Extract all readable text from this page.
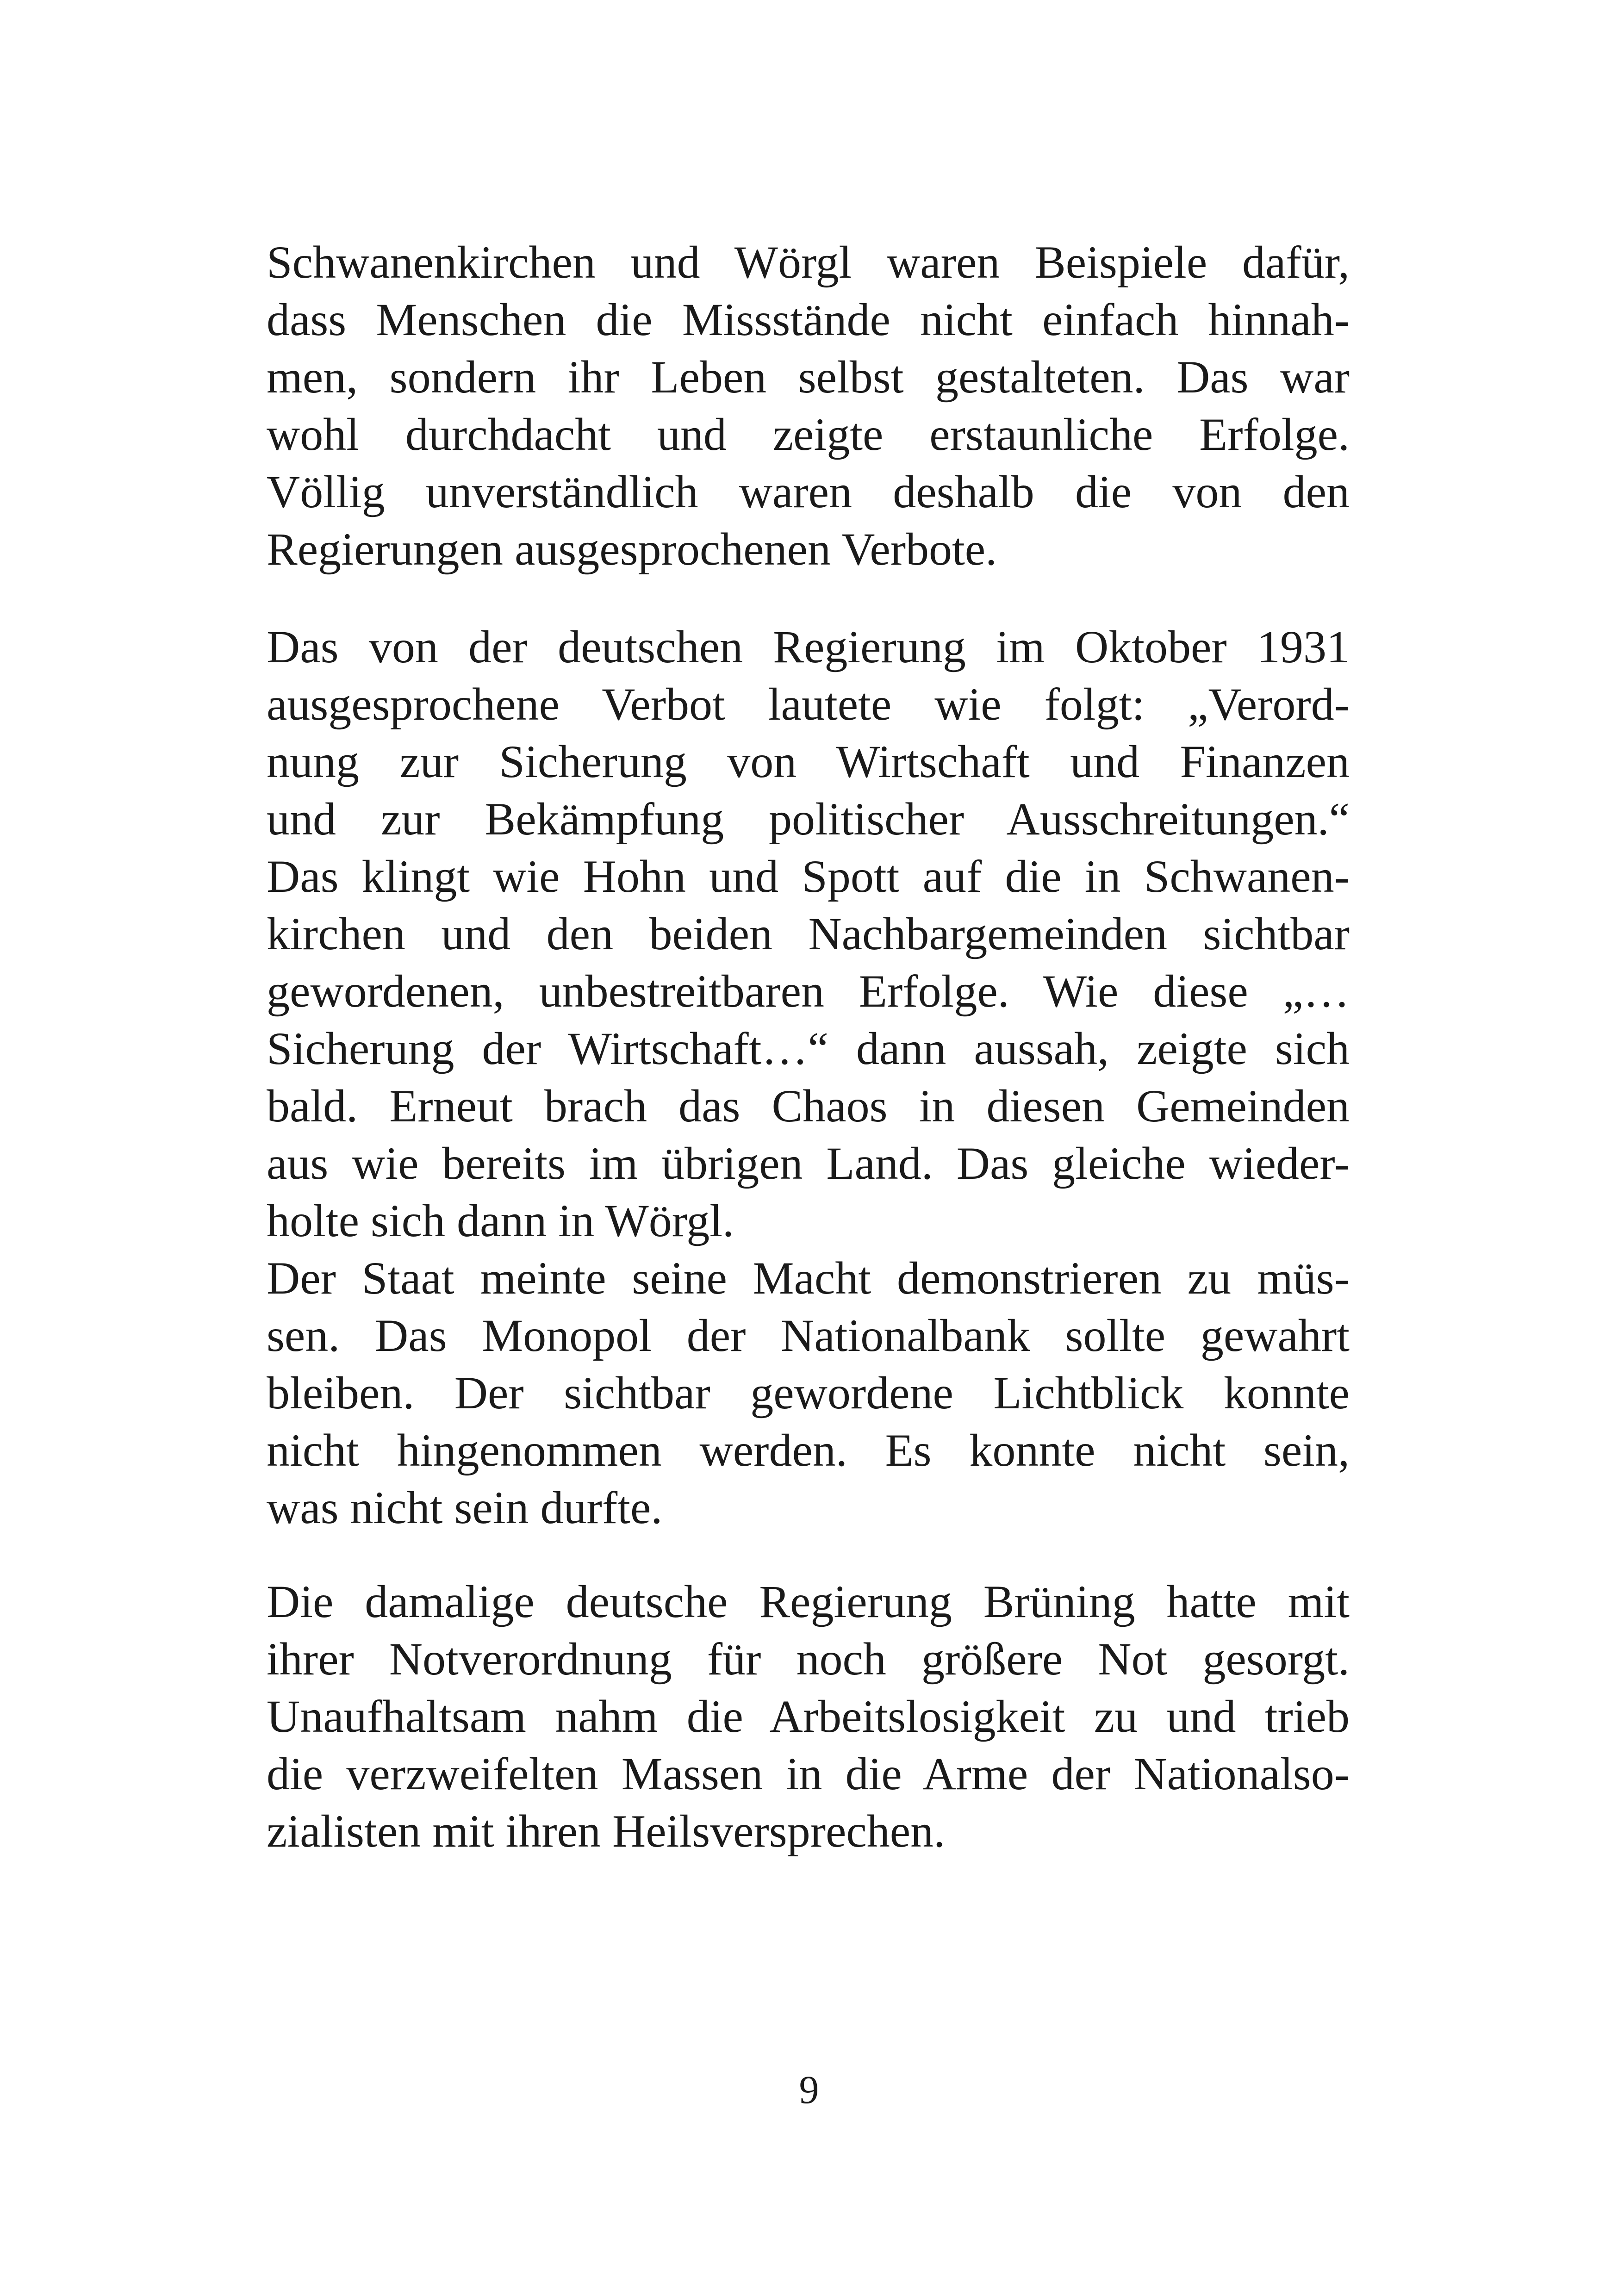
Schwanenkirchen und Wörgl waren Beispiele dafür,
dass Menschen die Missstände nicht einfach hinnah-
men, sondern ihr Leben selbst gestalteten. Das war
wohl durchdacht und zeigte erstaunliche Erfolge.
Völlig unverständlich waren deshalb die von den
Regierungen ausgesprochenen Verbote.
Das von der deutschen Regierung im Oktober 1931
ausgesprochene Verbot lautete wie folgt: „Verord-
nung zur Sicherung von Wirtschaft und Finanzen
und zur Bekämpfung politischer Ausschreitungen.“
Das klingt wie Hohn und Spott auf die in Schwanen-
kirchen und den beiden Nachbargemeinden sichtbar
gewordenen, unbestreitbaren Erfolge. Wie diese „…
Sicherung der Wirtschaft…“ dann aussah, zeigte sich
bald. Erneut brach das Chaos in diesen Gemeinden
aus wie bereits im übrigen Land. Das gleiche wieder-
holte sich dann in Wörgl.
Der Staat meinte seine Macht demonstrieren zu müs-
sen. Das Monopol der Nationalbank sollte gewahrt
bleiben. Der sichtbar gewordene Lichtblick konnte
nicht hingenommen werden. Es konnte nicht sein,
was nicht sein durfte.
Die damalige deutsche Regierung Brüning hatte mit
ihrer Notverordnung für noch größere Not gesorgt.
Unaufhaltsam nahm die Arbeitslosigkeit zu und trieb
die verzweifelten Massen in die Arme der Nationalso-
zialisten mit ihren Heilsversprechen.
9
